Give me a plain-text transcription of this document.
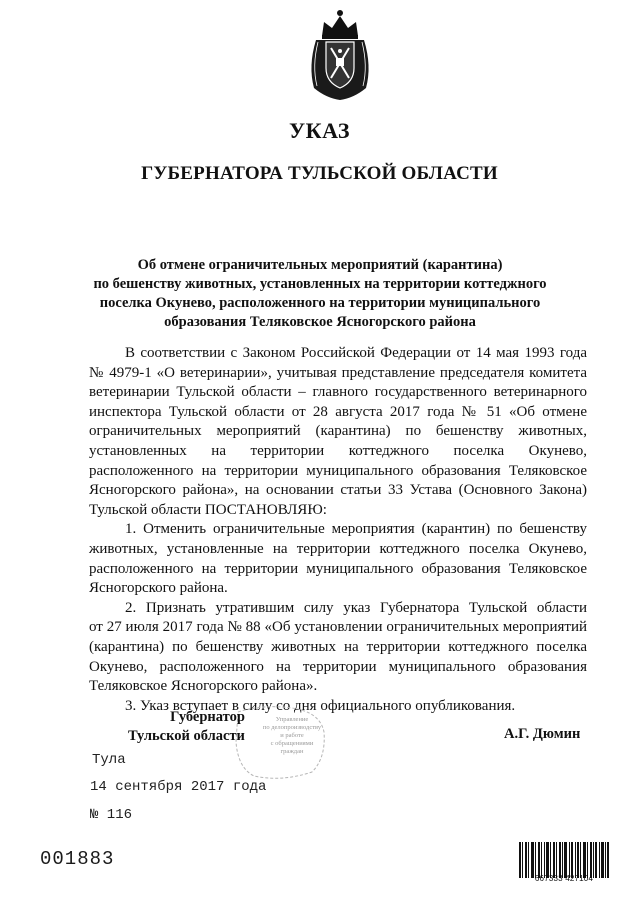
УКАЗ
ГУБЕРНАТОРА ТУЛЬСКОЙ ОБЛАСТИ
Об отмене ограничительных мероприятий (карантина)
по бешенству животных, установленных на территории коттеджного
поселка Окунево, расположенного на территории муниципального
образования Теляковское Ясногорского района
В соответствии с Законом Российской Федерации от 14 мая 1993 года
№ 4979-1 «О ветеринарии», учитывая представление председателя комитета
ветеринарии Тульской области – главного государственного ветеринарного
инспектора Тульской области от 28 августа 2017 года № 51 «Об отмене
ограничительных мероприятий (карантина) по бешенству животных,
установленных на территории коттеджного поселка Окунево,
расположенного на территории муниципального образования Теляковское
Ясногорского района», на основании статьи 33 Устава (Основного Закона)
Тульской области ПОСТАНОВЛЯЮ:
1. Отменить ограничительные мероприятия (карантин) по бешенству
животных, установленные на территории коттеджного поселка Окунево,
расположенного на территории муниципального образования Теляковское
Ясногорского района.
2. Признать утратившим силу указ Губернатора Тульской области
от 27 июля 2017 года № 88 «Об установлении ограничительных мероприятий
(карантина) по бешенству животных на территории коттеджного поселка
Окунево, расположенного на территории муниципального образования
Теляковское Ясногорского района».
3. Указ вступает в силу со дня официального опубликования.
Управление
по делопроизводству
и работе
с обращениями
граждан
Губернатор
Тульской области	А.Г. Дюмин
Тула
14 сентября 2017 года
№ 116
001883
667333 427104
